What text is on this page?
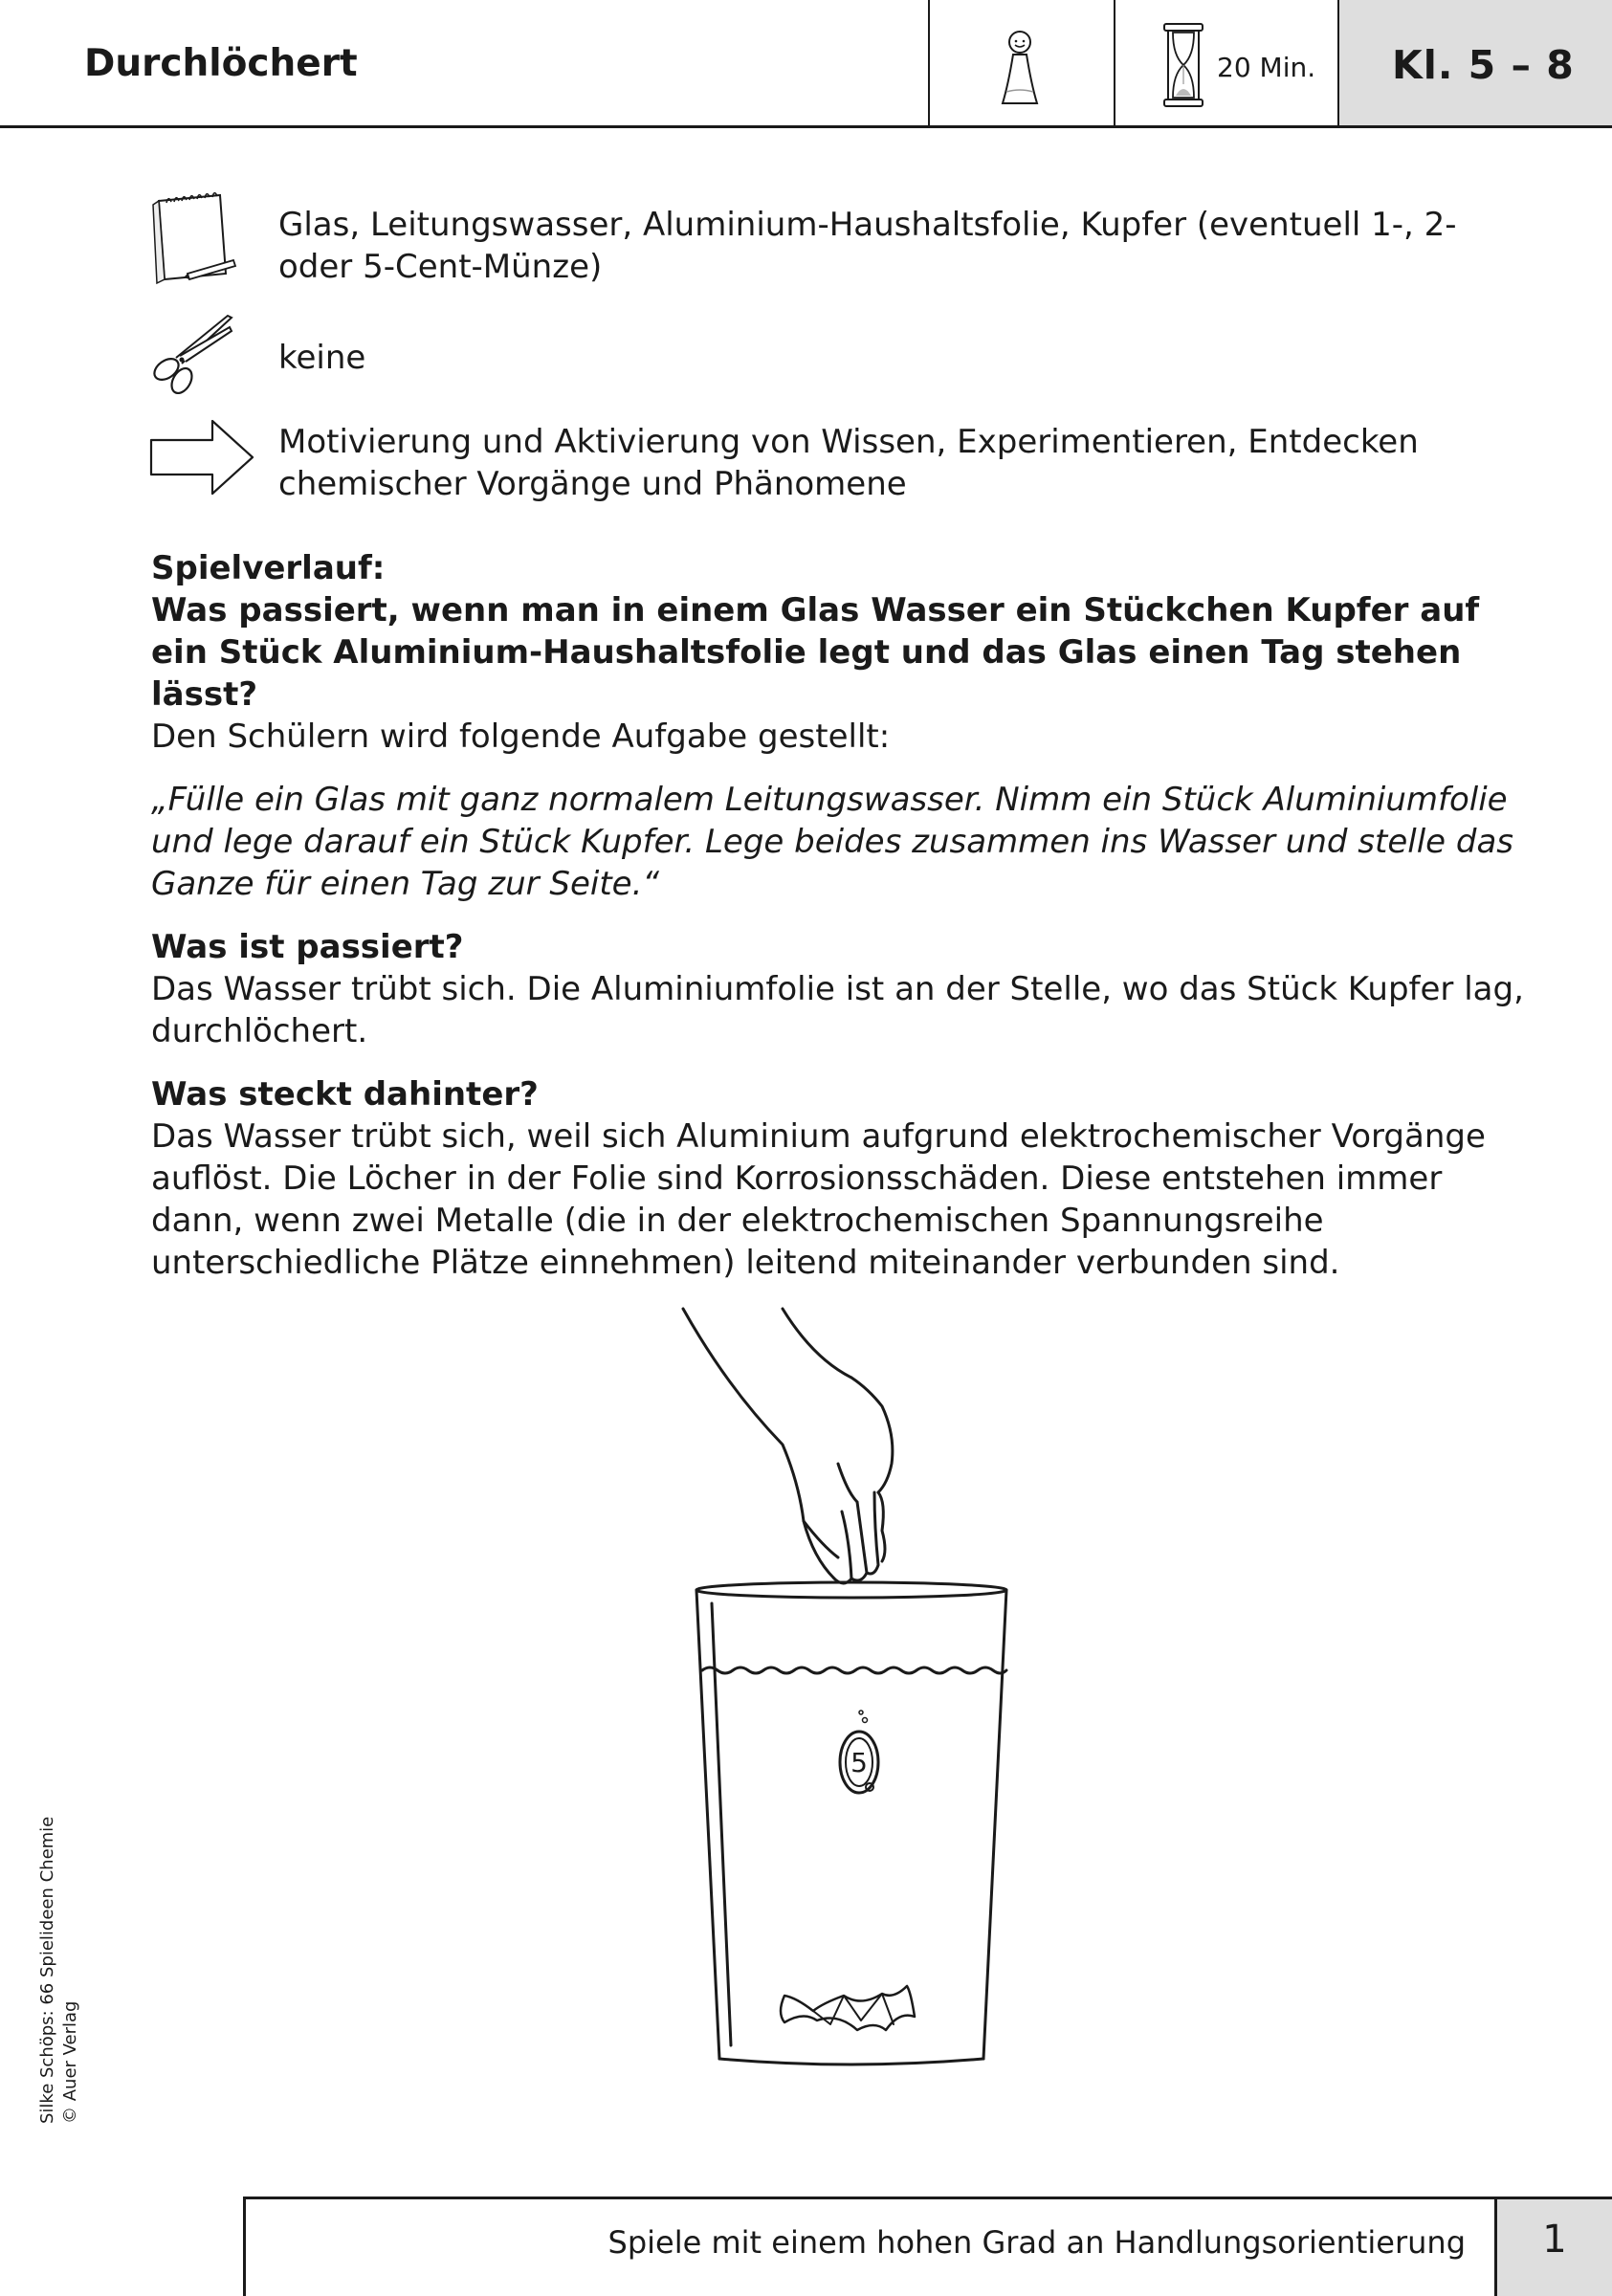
Durchlöchert	Kl. 5 – 8
20 Min.
Glas, Leitungswasser, Aluminium-Haushaltsfolie, Kupfer (eventuell 1-, 2- oder 5-Cent-Münze)
keine
Motivierung und Aktivierung von Wissen, Experimentieren, Entdecken chemischer Vorgänge und Phänomene

Spielverlauf:

Was passiert, wenn man in einem Glas Wasser ein Stückchen Kupfer auf ein Stück Aluminium-Haushaltsfolie legt und das Glas einen Tag stehen lässt?

Den Schülern wird folgende Aufgabe gestellt:

„Fülle ein Glas mit ganz normalem Leitungswasser. Nimm ein Stück Aluminiumfolie und lege darauf ein Stück Kupfer. Lege beides zusammen ins Wasser und stelle das Ganze für einen Tag zur Seite.“

Was ist passiert?

Das Wasser trübt sich. Die Aluminiumfolie ist an der Stelle, wo das Stück Kupfer lag, durchlöchert.

Was steckt dahinter?

Das Wasser trübt sich, weil sich Aluminium aufgrund elektrochemischer Vorgänge auflöst. Die Löcher in der Folie sind Korrosionsschäden. Diese entstehen immer dann, wenn zwei Metalle (die in der elektrochemischen Spannungsreihe unterschiedliche Plätze einnehmen) leitend miteinander verbunden sind.

5
Silke Schöps: 66 Spielideen Chemie © Auer Verlag
Spiele mit einem hohen Grad an Handlungsorientierung	1
